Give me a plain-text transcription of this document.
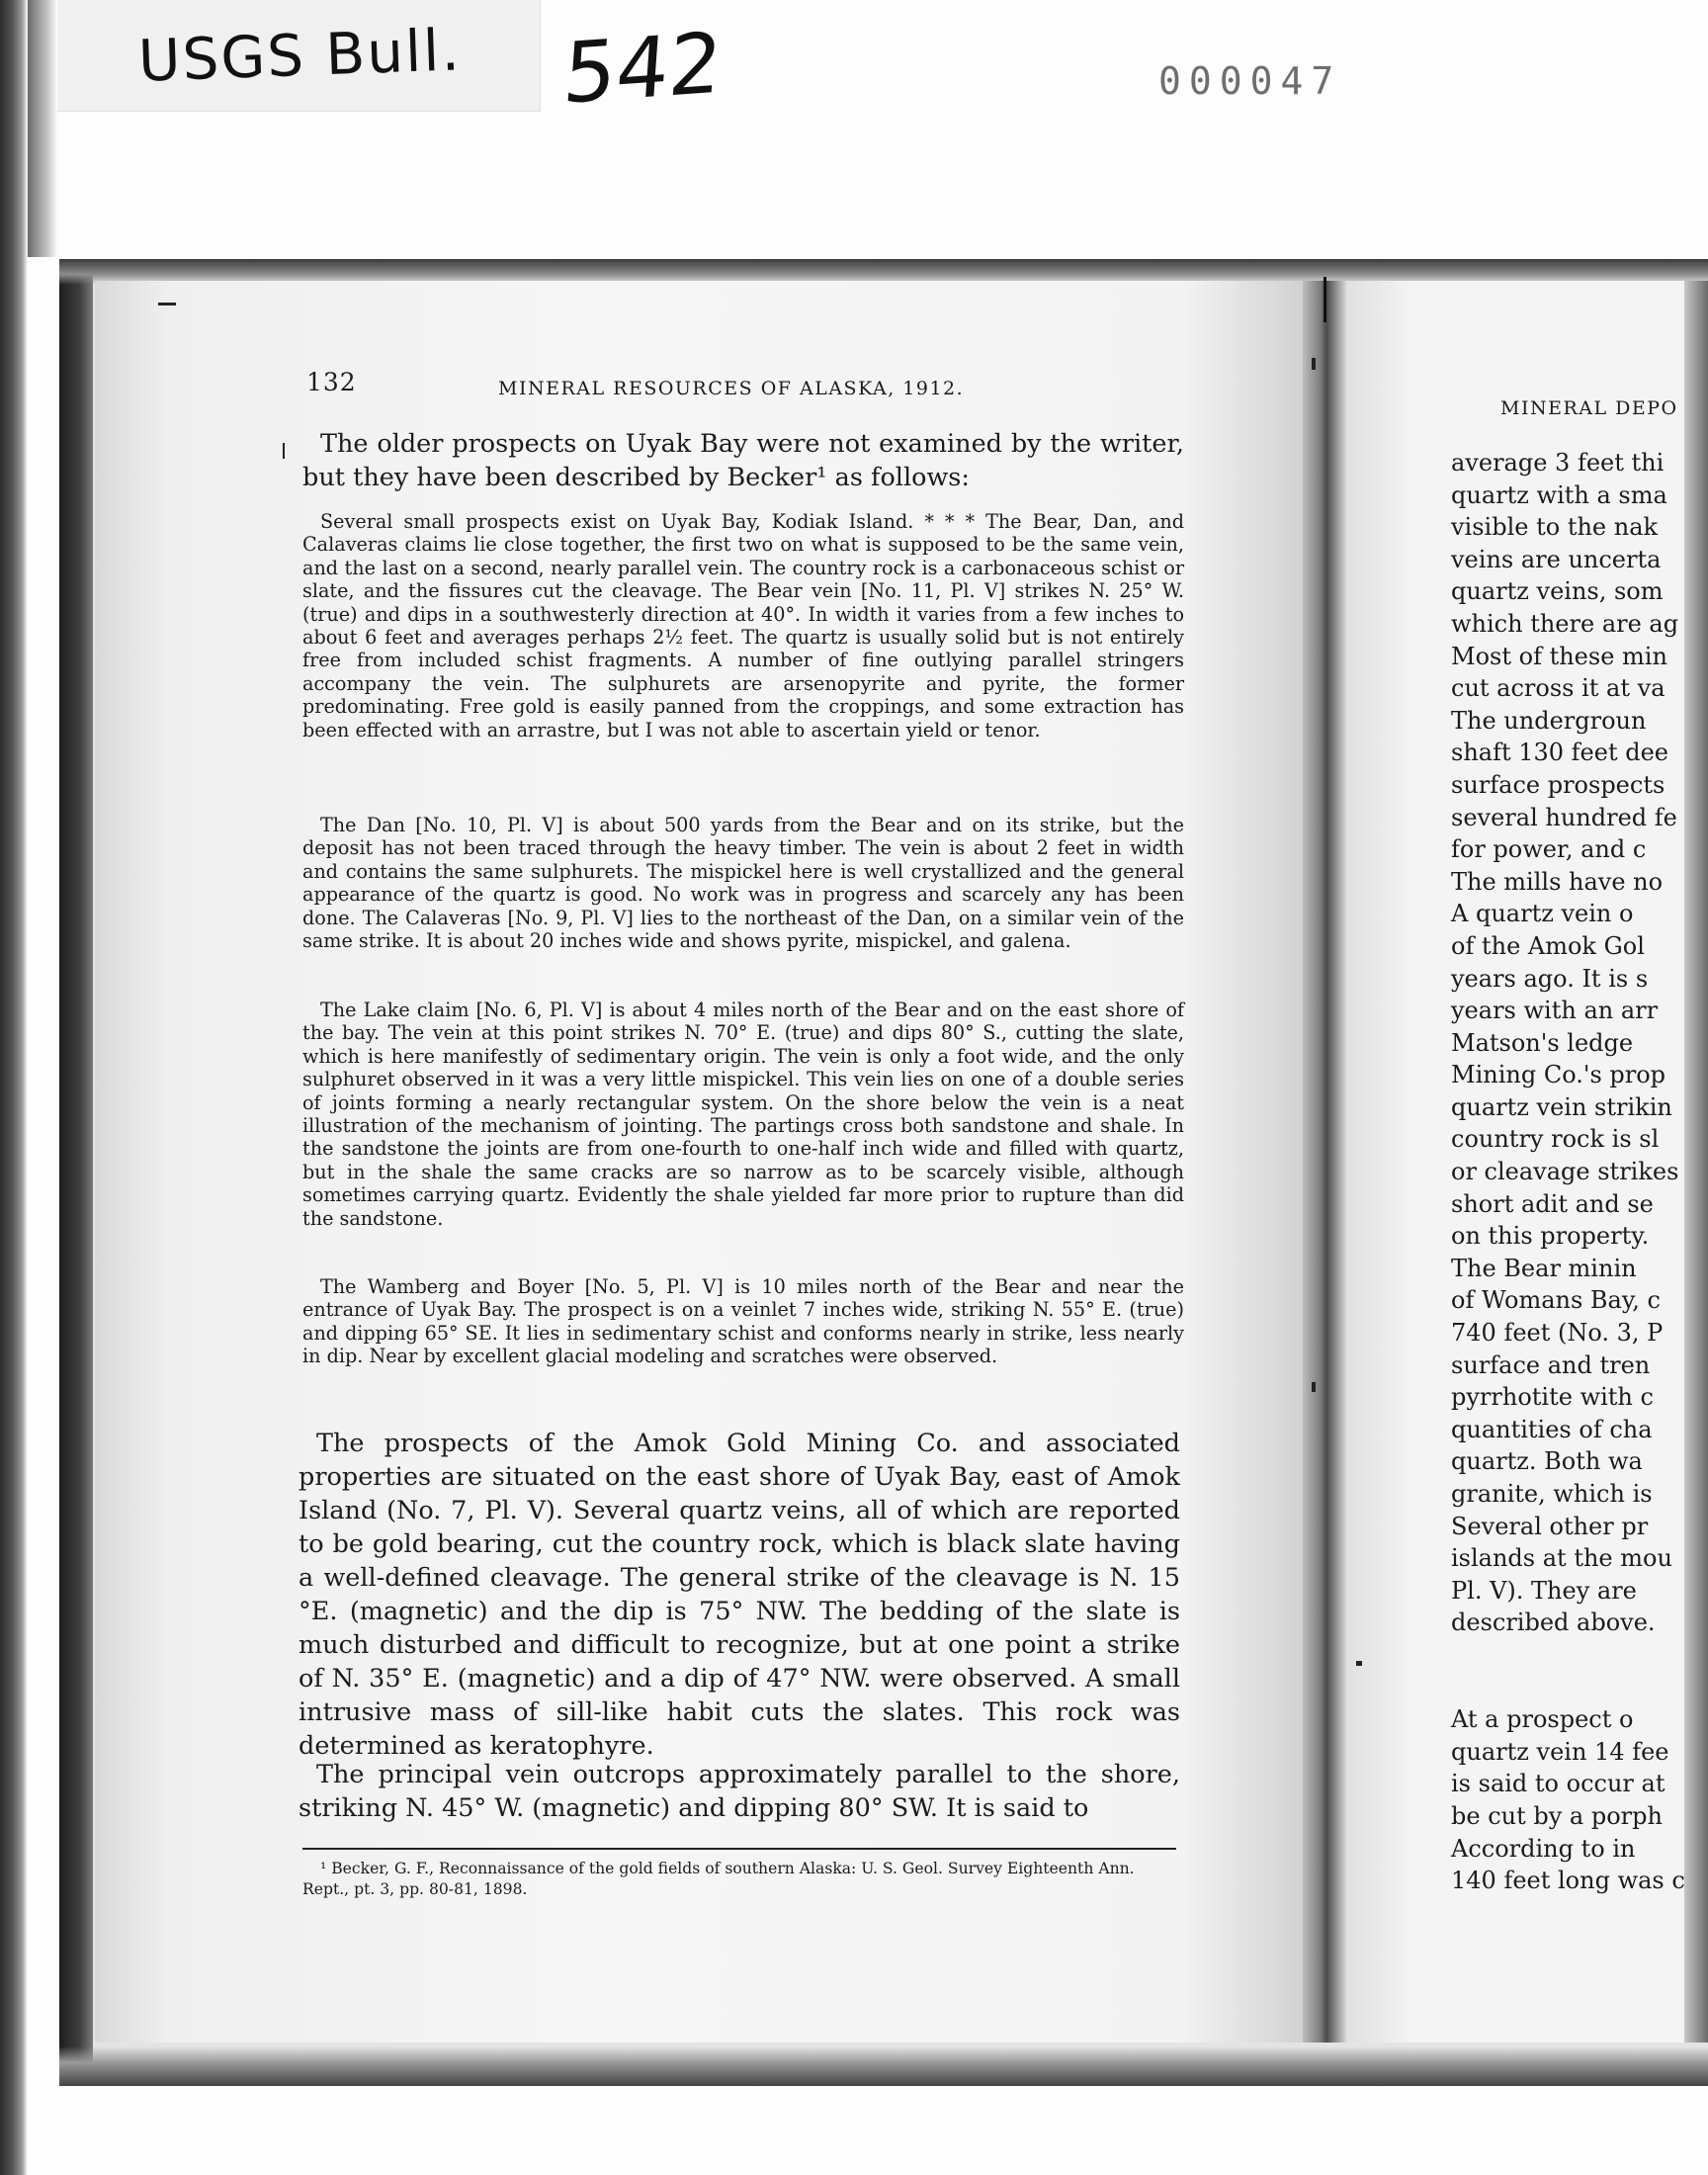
USGS Bull. 542	000047
132	MINERAL RESOURCES OF ALASKA, 1912.

The older prospects on Uyak Bay were not examined by the writer, but they have been described by Becker¹ as follows:

Several small prospects exist on Uyak Bay, Kodiak Island. * * * The Bear, Dan, and Calaveras claims lie close together, the first two on what is supposed to be the same vein, and the last on a second, nearly parallel vein. The country rock is a carbonaceous schist or slate, and the fissures cut the cleavage. The Bear vein [No. 11, Pl. V] strikes N. 25° W. (true) and dips in a southwesterly direction at 40°. In width it varies from a few inches to about 6 feet and averages perhaps 2½ feet. The quartz is usually solid but is not entirely free from included schist fragments. A number of fine outlying parallel stringers accompany the vein. The sulphurets are arsenopyrite and pyrite, the former predominating. Free gold is easily panned from the croppings, and some extraction has been effected with an arrastre, but I was not able to ascertain yield or tenor.

The Dan [No. 10, Pl. V] is about 500 yards from the Bear and on its strike, but the deposit has not been traced through the heavy timber. The vein is about 2 feet in width and contains the same sulphurets. The mispickel here is well crystallized and the general appearance of the quartz is good. No work was in progress and scarcely any has been done. The Calaveras [No. 9, Pl. V] lies to the northeast of the Dan, on a similar vein of the same strike. It is about 20 inches wide and shows pyrite, mispickel, and galena.

The Lake claim [No. 6, Pl. V] is about 4 miles north of the Bear and on the east shore of the bay. The vein at this point strikes N. 70° E. (true) and dips 80° S., cutting the slate, which is here manifestly of sedimentary origin. The vein is only a foot wide, and the only sulphuret observed in it was a very little mispickel. This vein lies on one of a double series of joints forming a nearly rectangular system. On the shore below the vein is a neat illustration of the mechanism of jointing. The partings cross both sandstone and shale. In the sandstone the joints are from one-fourth to one-half inch wide and filled with quartz, but in the shale the same cracks are so narrow as to be scarcely visible, although sometimes carrying quartz. Evidently the shale yielded far more prior to rupture than did the sandstone.

The Wamberg and Boyer [No. 5, Pl. V] is 10 miles north of the Bear and near the entrance of Uyak Bay. The prospect is on a veinlet 7 inches wide, striking N. 55° E. (true) and dipping 65° SE. It lies in sedimentary schist and conforms nearly in strike, less nearly in dip. Near by excellent glacial modeling and scratches were observed.

The prospects of the Amok Gold Mining Co. and associated properties are situated on the east shore of Uyak Bay, east of Amok Island (No. 7, Pl. V). Several quartz veins, all of which are reported to be gold bearing, cut the country rock, which is black slate having a well-defined cleavage. The general strike of the cleavage is N. 15 °E. (magnetic) and the dip is 75° NW. The bedding of the slate is much disturbed and difficult to recognize, but at one point a strike of N. 35° E. (magnetic) and a dip of 47° NW. were observed. A small intrusive mass of sill-like habit cuts the slates. This rock was determined as keratophyre.

The principal vein outcrops approximately parallel to the shore, striking N. 45° W. (magnetic) and dipping 80° SW. It is said to

¹ Becker, G. F., Reconnaissance of the gold fields of southern Alaska: U. S. Geol. Survey Eighteenth Ann. Rept., pt. 3, pp. 80-81, 1898.

MINERAL DEPO
average 3 feet thi
quartz with a sma
visible to the nak
veins are uncerta
quartz veins, som
which there are ag
Most of these min
cut across it at va
The undergroun
shaft 130 feet dee
surface prospects
several hundred fe
for power, and c
The mills have no
A quartz vein o
of the Amok Gol
years ago. It is s
years with an arr
Matson's ledge
Mining Co.'s prop
quartz vein strikin
country rock is sl
or cleavage strikes
short adit and se
on this property.
The Bear minin
of Womans Bay, c
740 feet (No. 3, P
surface and tren
pyrrhotite with c
quantities of cha
quartz. Both wa
granite, which is
Several other pr
islands at the mou
Pl. V). They are
described above.
At a prospect o
quartz vein 14 fee
is said to occur at
be cut by a porph
According to in
140 feet long was c
